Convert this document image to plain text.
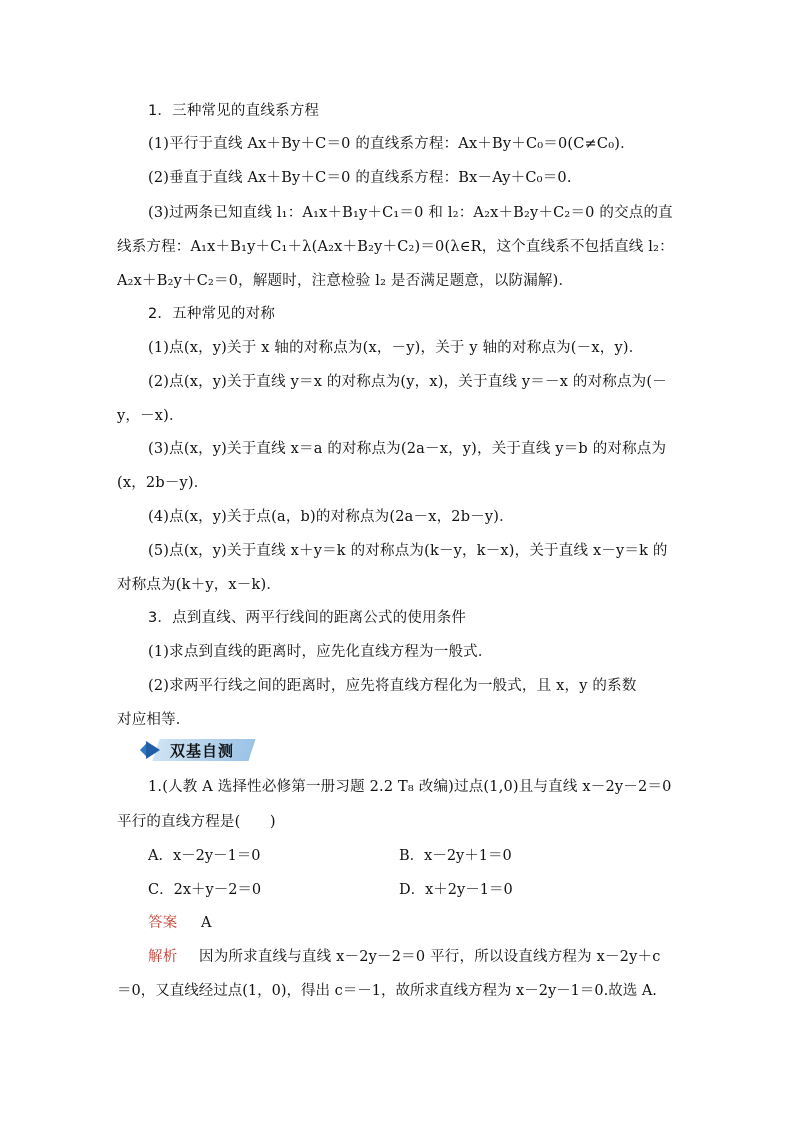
1．三种常见的直线系方程
(1)平行于直线 Ax＋By＋C＝0 的直线系方程：Ax＋By＋C₀＝0(C≠C₀)．
(2)垂直于直线 Ax＋By＋C＝0 的直线系方程：Bx－Ay＋C₀＝0.
(3)过两条已知直线 l₁：A₁x＋B₁y＋C₁＝0 和 l₂：A₂x＋B₂y＋C₂＝0 的交点的直
线系方程：A₁x＋B₁y＋C₁＋λ(A₂x＋B₂y＋C₂)＝0(λ∈R，这个直线系不包括直线 l₂：
A₂x＋B₂y＋C₂＝0，解题时，注意检验 l₂ 是否满足题意，以防漏解)．
2．五种常见的对称
(1)点(x，y)关于 x 轴的对称点为(x，－y)，关于 y 轴的对称点为(－x，y)．
(2)点(x，y)关于直线 y＝x 的对称点为(y，x)，关于直线 y＝－x 的对称点为(－
y，－x)．
(3)点(x，y)关于直线 x＝a 的对称点为(2a－x，y)，关于直线 y＝b 的对称点为
(x，2b－y)．
(4)点(x，y)关于点(a，b)的对称点为(2a－x，2b－y)．
(5)点(x，y)关于直线 x＋y＝k 的对称点为(k－y，k－x)，关于直线 x－y＝k 的
对称点为(k＋y，x－k)．
3．点到直线、两平行线间的距离公式的使用条件
(1)求点到直线的距离时，应先化直线方程为一般式．
(2)求两平行线之间的距离时，应先将直线方程化为一般式，且 x，y 的系数
对应相等．
双基自测
1.(人教 A 选择性必修第一册习题 2.2 T₈ 改编)过点(1,0)且与直线 x－2y－2＝0
平行的直线方程是(　　)
A．x－2y－1＝0	B．x－2y＋1＝0
C．2x＋y－2＝0	D．x＋2y－1＝0
答案 A
解析 因为所求直线与直线 x－2y－2＝0 平行，所以设直线方程为 x－2y＋c
＝0，又直线经过点(1，0)，得出 c＝－1，故所求直线方程为 x－2y－1＝0.故选 A.
